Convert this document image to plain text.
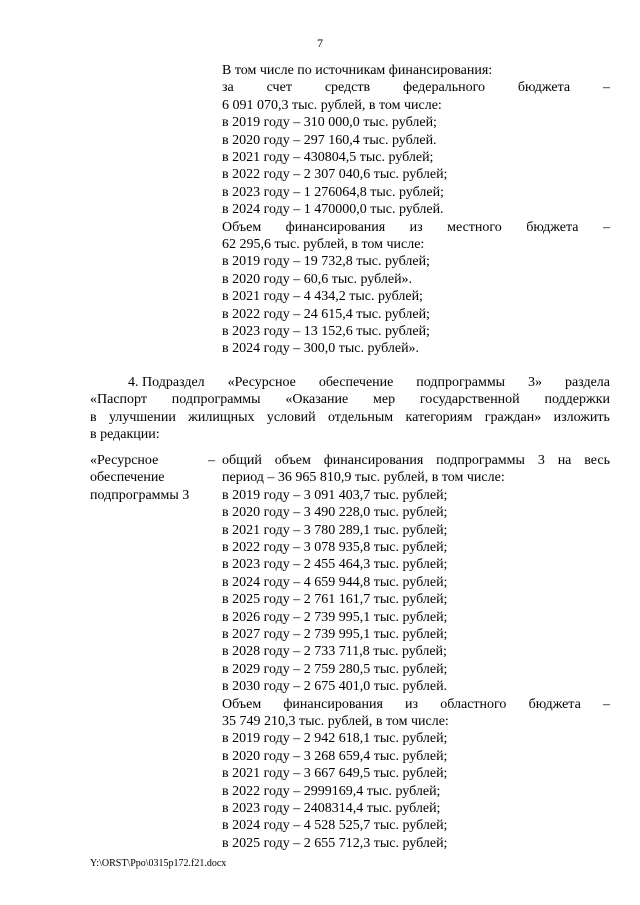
7
В том числе по источникам финансирования:
за счет средств федерального бюджета –
6 091 070,3 тыс. рублей, в том числе:
в 2019 году – 310 000,0 тыс. рублей;
в 2020 году – 297 160,4 тыс. рублей.
в 2021 году – 430804,5 тыс. рублей;
в 2022 году – 2 307 040,6 тыс. рублей;
в 2023 году – 1 276064,8 тыс. рублей;
в 2024 году – 1 470000,0 тыс. рублей.
Объем финансирования из местного бюджета –
62 295,6 тыс. рублей, в том числе:
в 2019 году – 19 732,8 тыс. рублей;
в 2020 году – 60,6 тыс. рублей».
в 2021 году – 4 434,2 тыс. рублей;
в 2022 году – 24 615,4 тыс. рублей;
в 2023 году – 13 152,6 тыс. рублей;
в 2024 году – 300,0 тыс. рублей».
4. Подраздел «Ресурсное обеспечение подпрограммы 3» раздела
«Паспорт подпрограммы «Оказание мер государственной поддержки
в улучшении жилищных условий отдельным категориям граждан» изложить
в редакции:
«Ресурсное
обеспечение
подпрограммы 3
– общий объем финансирования подпрограммы 3 на весь
период – 36 965 810,9 тыс. рублей, в том числе:
в 2019 году – 3 091 403,7 тыс. рублей;
в 2020 году – 3 490 228,0 тыс. рублей;
в 2021 году – 3 780 289,1 тыс. рублей;
в 2022 году – 3 078 935,8 тыс. рублей;
в 2023 году – 2 455 464,3 тыс. рублей;
в 2024 году – 4 659 944,8 тыс. рублей;
в 2025 году – 2 761 161,7 тыс. рублей;
в 2026 году – 2 739 995,1 тыс. рублей;
в 2027 году – 2 739 995,1 тыс. рублей;
в 2028 году – 2 733 711,8 тыс. рублей;
в 2029 году – 2 759 280,5 тыс. рублей;
в 2030 году – 2 675 401,0 тыс. рублей.
Объем финансирования из областного бюджета –
35 749 210,3 тыс. рублей, в том числе:
в 2019 году – 2 942 618,1 тыс. рублей;
в 2020 году – 3 268 659,4 тыс. рублей;
в 2021 году – 3 667 649,5 тыс. рублей;
в 2022 году – 2999169,4 тыс. рублей;
в 2023 году – 2408314,4 тыс. рублей;
в 2024 году – 4 528 525,7 тыс. рублей;
в 2025 году – 2 655 712,3 тыс. рублей;
Y:\ORST\Ppo\0315p172.f21.docx
